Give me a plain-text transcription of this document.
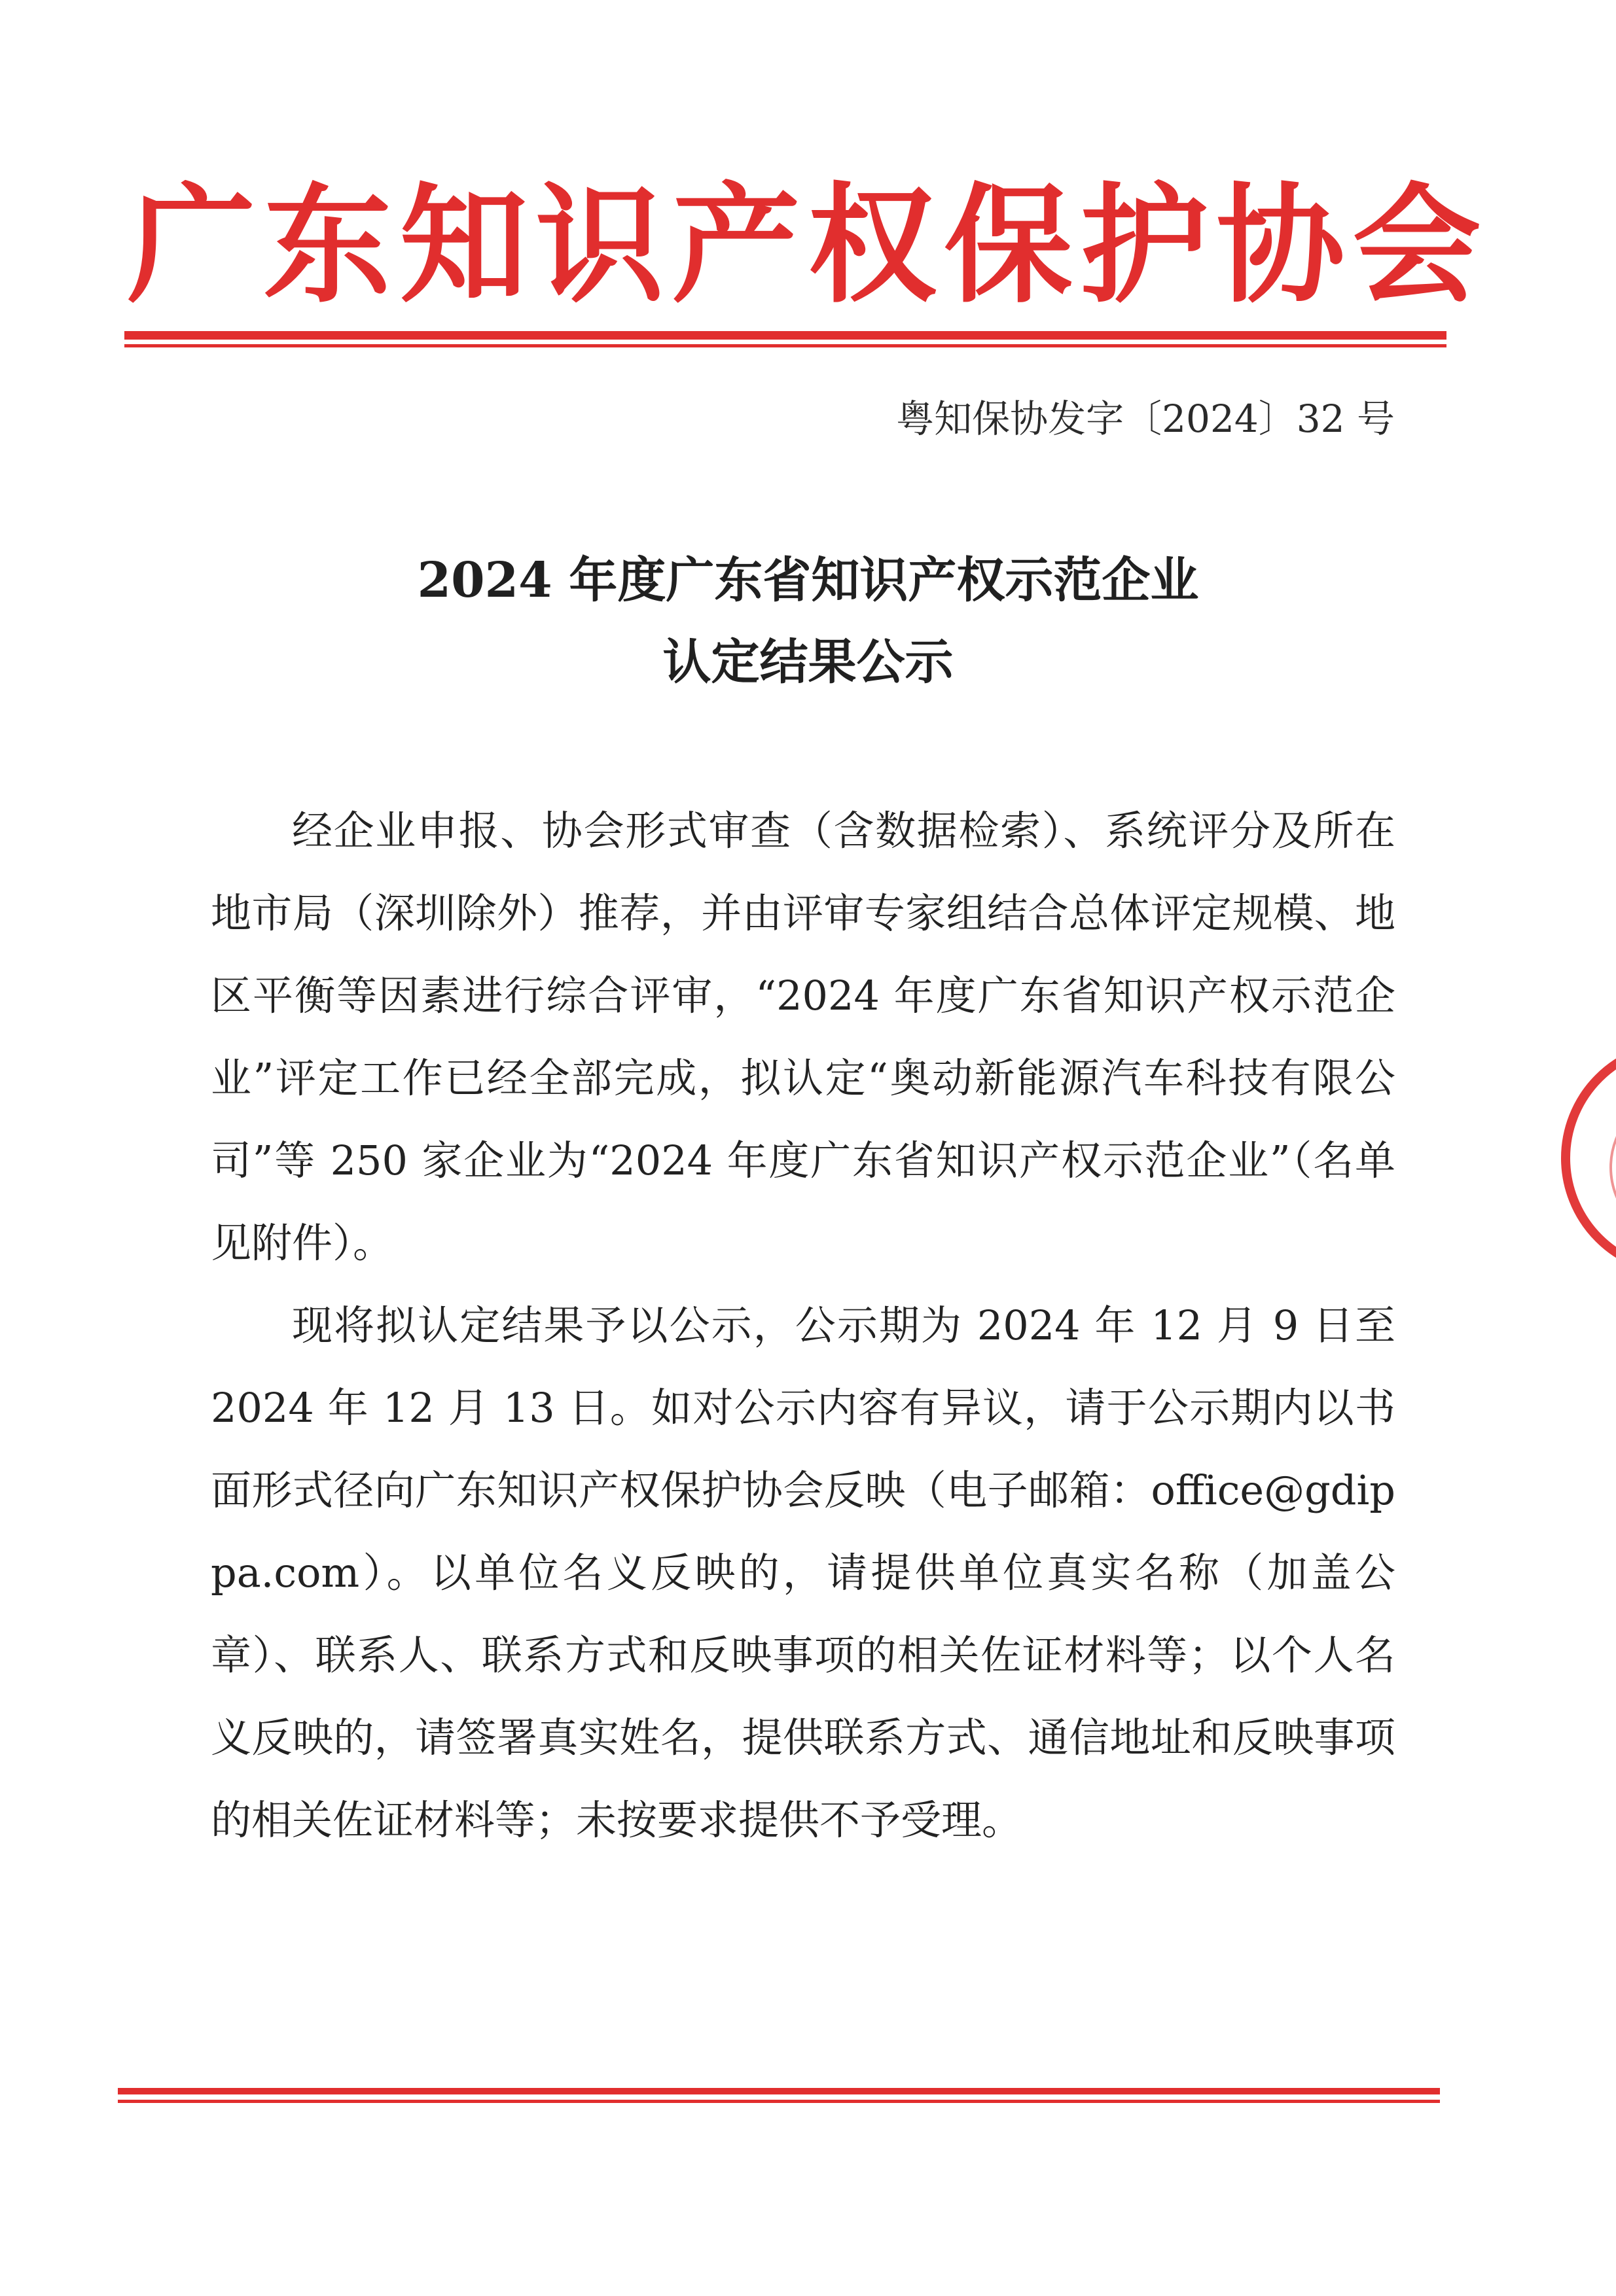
广东知识产权保护协会
粤知保协发字〔2024〕32 号
2024 年度广东省知识产权示范企业
认定结果公示

经企业申报、协会形式审查（含数据检索）、系统评分及所在地市局（深圳除外）推荐，并由评审专家组结合总体评定规模、地区平衡等因素进行综合评审，“2024 年度广东省知识产权示范企业”评定工作已经全部完成，拟认定“奥动新能源汽车科技有限公司”等 250 家企业为“2024 年度广东省知识产权示范企业”（名单见附件）。

现将拟认定结果予以公示，公示期为 2024 年 12 月 9 日至 2024 年 12 月 13 日。如对公示内容有异议，请于公示期内以书面形式径向广东知识产权保护协会反映（电子邮箱：office@gdippa.com）。以单位名义反映的，请提供单位真实名称（加盖公章）、联系人、联系方式和反映事项的相关佐证材料等；以个人名义反映的，请签署真实姓名，提供联系方式、通信地址和反映事项的相关佐证材料等；未按要求提供不予受理。
